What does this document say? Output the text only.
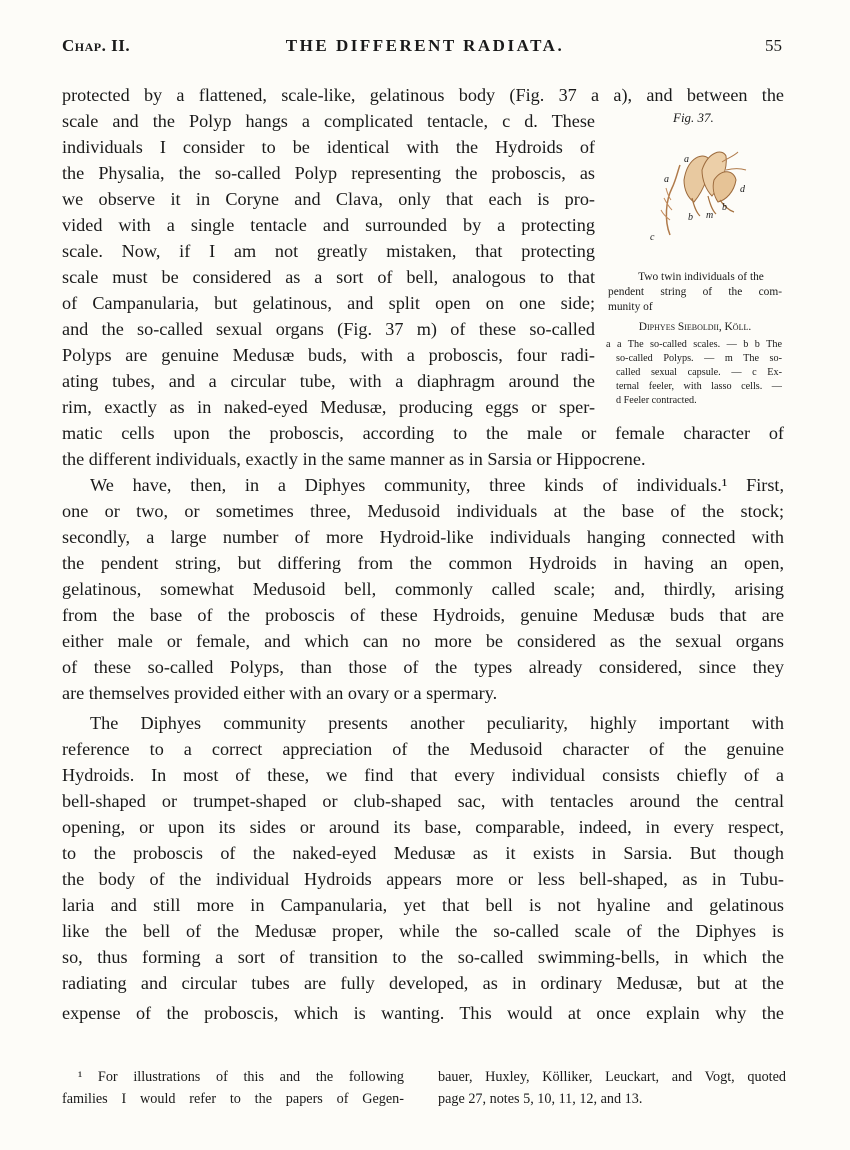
Chap. II.	THE DIFFERENT RADIATA.	55
Fig. 37.
a
a
d
b m
b
c
Two twin individuals of the
pendent string of the com-
munity of
Diphyes Sieboldii, Köll.
a a The so-called scales. — b b The
so-called Polyps. — m The so-
called sexual capsule. — c Ex-
ternal feeler, with lasso cells. —
d Feeler contracted.
protected by a flattened, scale-like, gelatinous body (Fig. 37 a a), and between the
scale and the Polyp hangs a complicated tentacle, c d. These
individuals I consider to be identical with the Hydroids of
the Physalia, the so-called Polyp representing the proboscis, as
we observe it in Coryne and Clava, only that each is pro-
vided with a single tentacle and surrounded by a protecting
scale. Now, if I am not greatly mistaken, that protecting
scale must be considered as a sort of bell, analogous to that
of Campanularia, but gelatinous, and split open on one side;
and the so-called sexual organs (Fig. 37 m) of these so-called
Polyps are genuine Medusæ buds, with a proboscis, four radi-
ating tubes, and a circular tube, with a diaphragm around the
rim, exactly as in naked-eyed Medusæ, producing eggs or sper-
matic cells upon the proboscis, according to the male or female character of
the different individuals, exactly in the same manner as in Sarsia or Hippocrene.
We have, then, in a Diphyes community, three kinds of individuals.¹ First,
one or two, or sometimes three, Medusoid individuals at the base of the stock;
secondly, a large number of more Hydroid-like individuals hanging connected with
the pendent string, but differing from the common Hydroids in having an open,
gelatinous, somewhat Medusoid bell, commonly called scale; and, thirdly, arising
from the base of the proboscis of these Hydroids, genuine Medusæ buds that are
either male or female, and which can no more be considered as the sexual organs
of these so-called Polyps, than those of the types already considered, since they
are themselves provided either with an ovary or a spermary.
The Diphyes community presents another peculiarity, highly important with
reference to a correct appreciation of the Medusoid character of the genuine
Hydroids. In most of these, we find that every individual consists chiefly of a
bell-shaped or trumpet-shaped or club-shaped sac, with tentacles around the central
opening, or upon its sides or around its base, comparable, indeed, in every respect,
to the proboscis of the naked-eyed Medusæ as it exists in Sarsia. But though
the body of the individual Hydroids appears more or less bell-shaped, as in Tubu-
laria and still more in Campanularia, yet that bell is not hyaline and gelatinous
like the bell of the Medusæ proper, while the so-called scale of the Diphyes is
so, thus forming a sort of transition to the so-called swimming-bells, in which the
radiating and circular tubes are fully developed, as in ordinary Medusæ, but at the
expense of the proboscis, which is wanting. This would at once explain why the
¹ For illustrations of this and the following
families I would refer to the papers of Gegen-
bauer, Huxley, Kölliker, Leuckart, and Vogt, quoted
page 27, notes 5, 10, 11, 12, and 13.
